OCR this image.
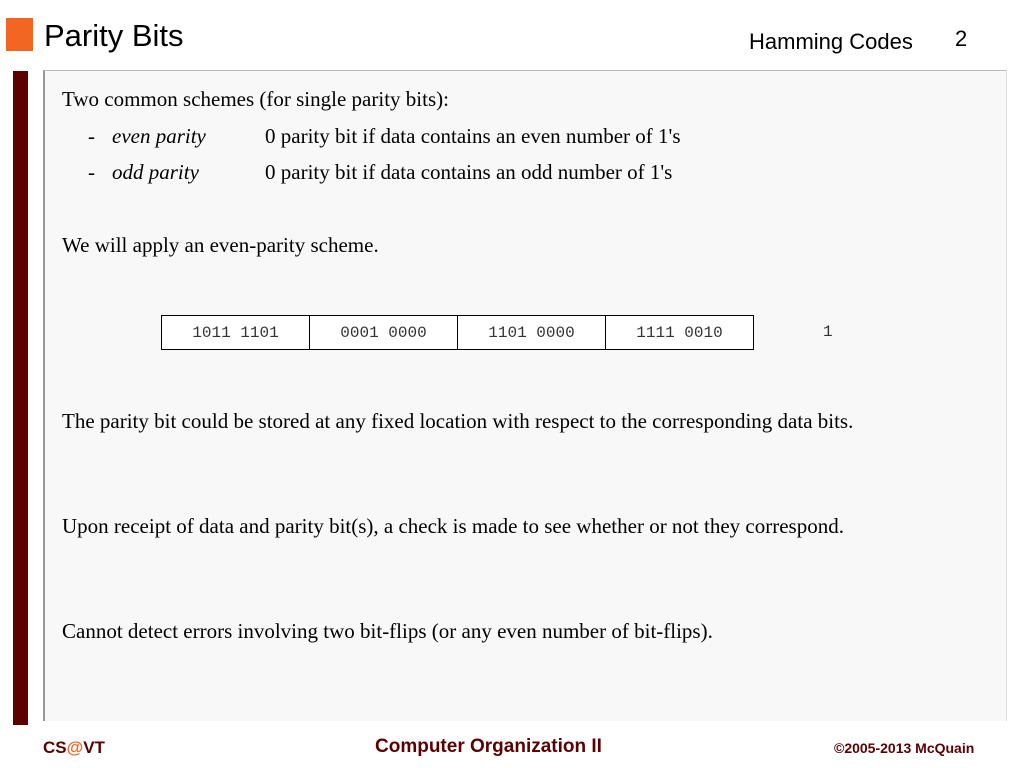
Parity Bits	Hamming Codes 2
Two common schemes (for single parity bits):
- even parity	0 parity bit if data contains an even number of 1's
- odd parity	0 parity bit if data contains an odd number of 1's
We will apply an even-parity scheme.
1011 1101	0001 0000	1101 0000	1111 0010	1
The parity bit could be stored at any fixed location with respect to the corresponding data bits.
Upon receipt of data and parity bit(s), a check is made to see whether or not they correspond.
Cannot detect errors involving two bit-flips (or any even number of bit-flips).
CS@VT	Computer Organization II	©2005-2013 McQuain
